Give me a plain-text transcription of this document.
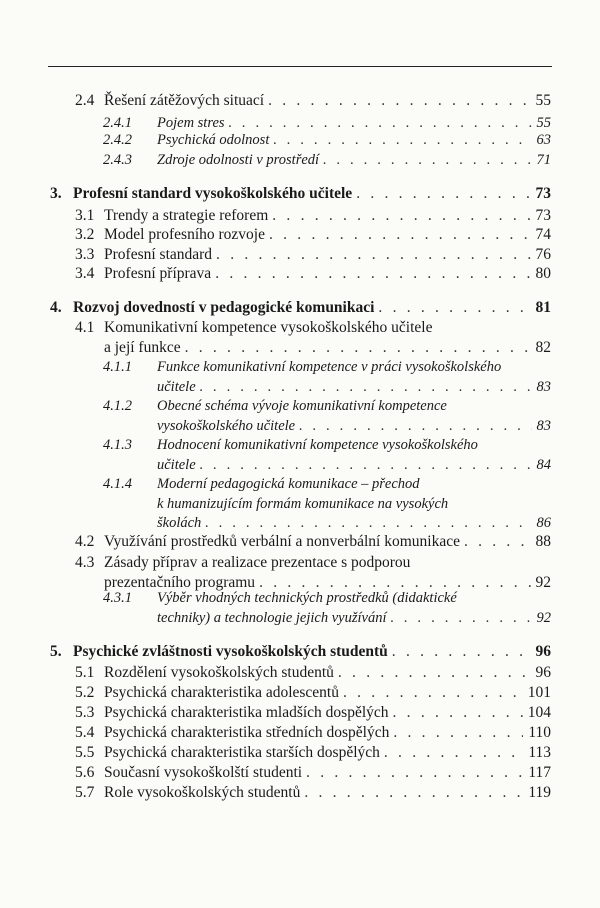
2.4 Řešení zátěžových situací . . .	55
2.4.1	Pojem stres . . .	55
2.4.2	Psychická odolnost . . .	63
2.4.3	Zdroje odolnosti v prostředí . . .	71
3. Profesní standard vysokoškolského učitele . . .	73
3.1 Trendy a strategie reforem . . .	73
3.2 Model profesního rozvoje . . .	74
3.3 Profesní standard . . .	76
3.4 Profesní příprava . . .	80
4. Rozvoj dovedností v pedagogické komunikaci . . .	81
4.1 Komunikativní kompetence vysokoškolského učitele
a její funkce . . .	82
4.1.1	Funkce komunikativní kompetence v práci vysokoškolského
učitele . . .	83
4.1.2	Obecné schéma vývoje komunikativní kompetence
vysokoškolského učitele . . .	83
4.1.3	Hodnocení komunikativní kompetence vysokoškolského
učitele . . .	84
4.1.4	Moderní pedagogická komunikace – přechod
k humanizujícím formám komunikace na vysokých
školách . . .	86
4.2 Využívání prostředků verbální a nonverbální komunikace . . .	88
4.3 Zásady příprav a realizace prezentace s podporou
prezentačního programu . . .	92
4.3.1	Výběr vhodných technických prostředků (didaktické
techniky) a technologie jejich využívání . . .	92
5. Psychické zvláštnosti vysokoškolských studentů . . .	96
5.1 Rozdělení vysokoškolských studentů . . .	96
5.2 Psychická charakteristika adolescentů . . .	101
5.3 Psychická charakteristika mladších dospělých . . .	104
5.4 Psychická charakteristika středních dospělých . . .	110
5.5 Psychická charakteristika starších dospělých . . .	113
5.6 Současní vysokoškolští studenti . . .	117
5.7 Role vysokoškolských studentů . . .	119
